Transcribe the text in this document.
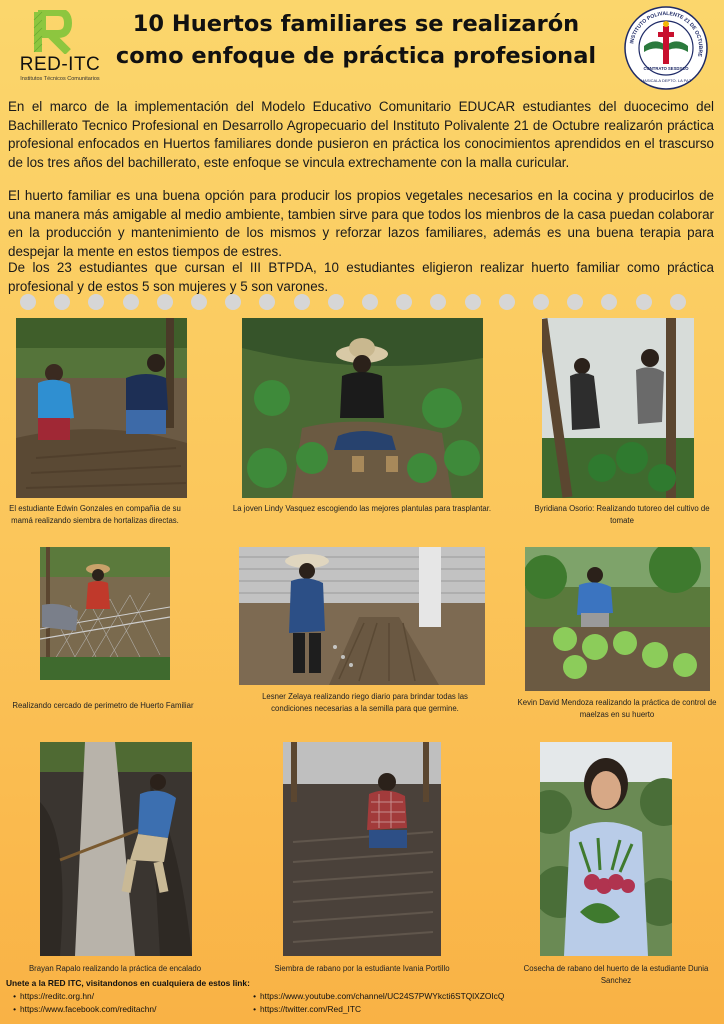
RED-ITC
Institutos Técnicos Comunitarios
10 Huertos familiares se realizarón
como enfoque de práctica profesional	INSTITUTO POLIVALENTE 21 DE OCTUBRE
CONTRATO SESDSCO
MASICALA DEPTO. LA PAZ
En el marco de la implementación del Modelo Educativo Comunitario EDUCAR estudiantes del duocecimo del Bachillerato Tecnico Profesional en Desarrollo Agropecuario del Instituto Polivalente 21 de Octubre realizarón práctica profesional enfocados en Huertos familiares donde pusieron en práctica los conocimientos aprendidos en el trascurso de los tres años del bachillerato, este enfoque se vincula extrechamente con la malla curicular.
El huerto familiar es una buena opción para producir los propios vegetales necesarios en la cocina y producirlos de una manera más amigable al medio ambiente, tambien sirve para que todos los mienbros de la casa puedan colaborar en la producción y mantenimiento de los mismos y reforzar lazos familiares, además es una buena terapia para despejar la mente en estos tiempos de estres.
De los 23 estudiantes que cursan el III BTPDA, 10 estudiantes eligieron realizar huerto familiar como práctica profesional y de estos 5 son mujeres y 5 son varones.
El estudiante Edwin Gonzales en compañia de su mamá realizando siembra de hortalizas directas.
La joven Lindy Vasquez escogiendo las mejores plantulas para trasplantar.	Byridiana Osorio: Realizando tutoreo del cultivo de tomate
Realizando cercado de perimetro de Huerto Familiar
Lesner Zelaya realizando riego diario para brindar todas las condiciones necesarias a la semilla para que germine.
Kevin David Mendoza realizando la práctica de control de maelzas en su huerto
Brayan Rapalo realizando la práctica de encalado	Siembra de rabano por la estudiante Ivania Portillo	Cosecha de rabano del huerto de la estudiante Dunia Sanchez
Unete a la RED ITC, visitandonos en cualquiera de estos link:
• https://reditc.org.hn/
• https://www.facebook.com/reditachn/
• https://www.youtube.com/channel/UC24S7PWYkcti6STQlXZOIcQ
• https://twitter.com/Red_ITC
